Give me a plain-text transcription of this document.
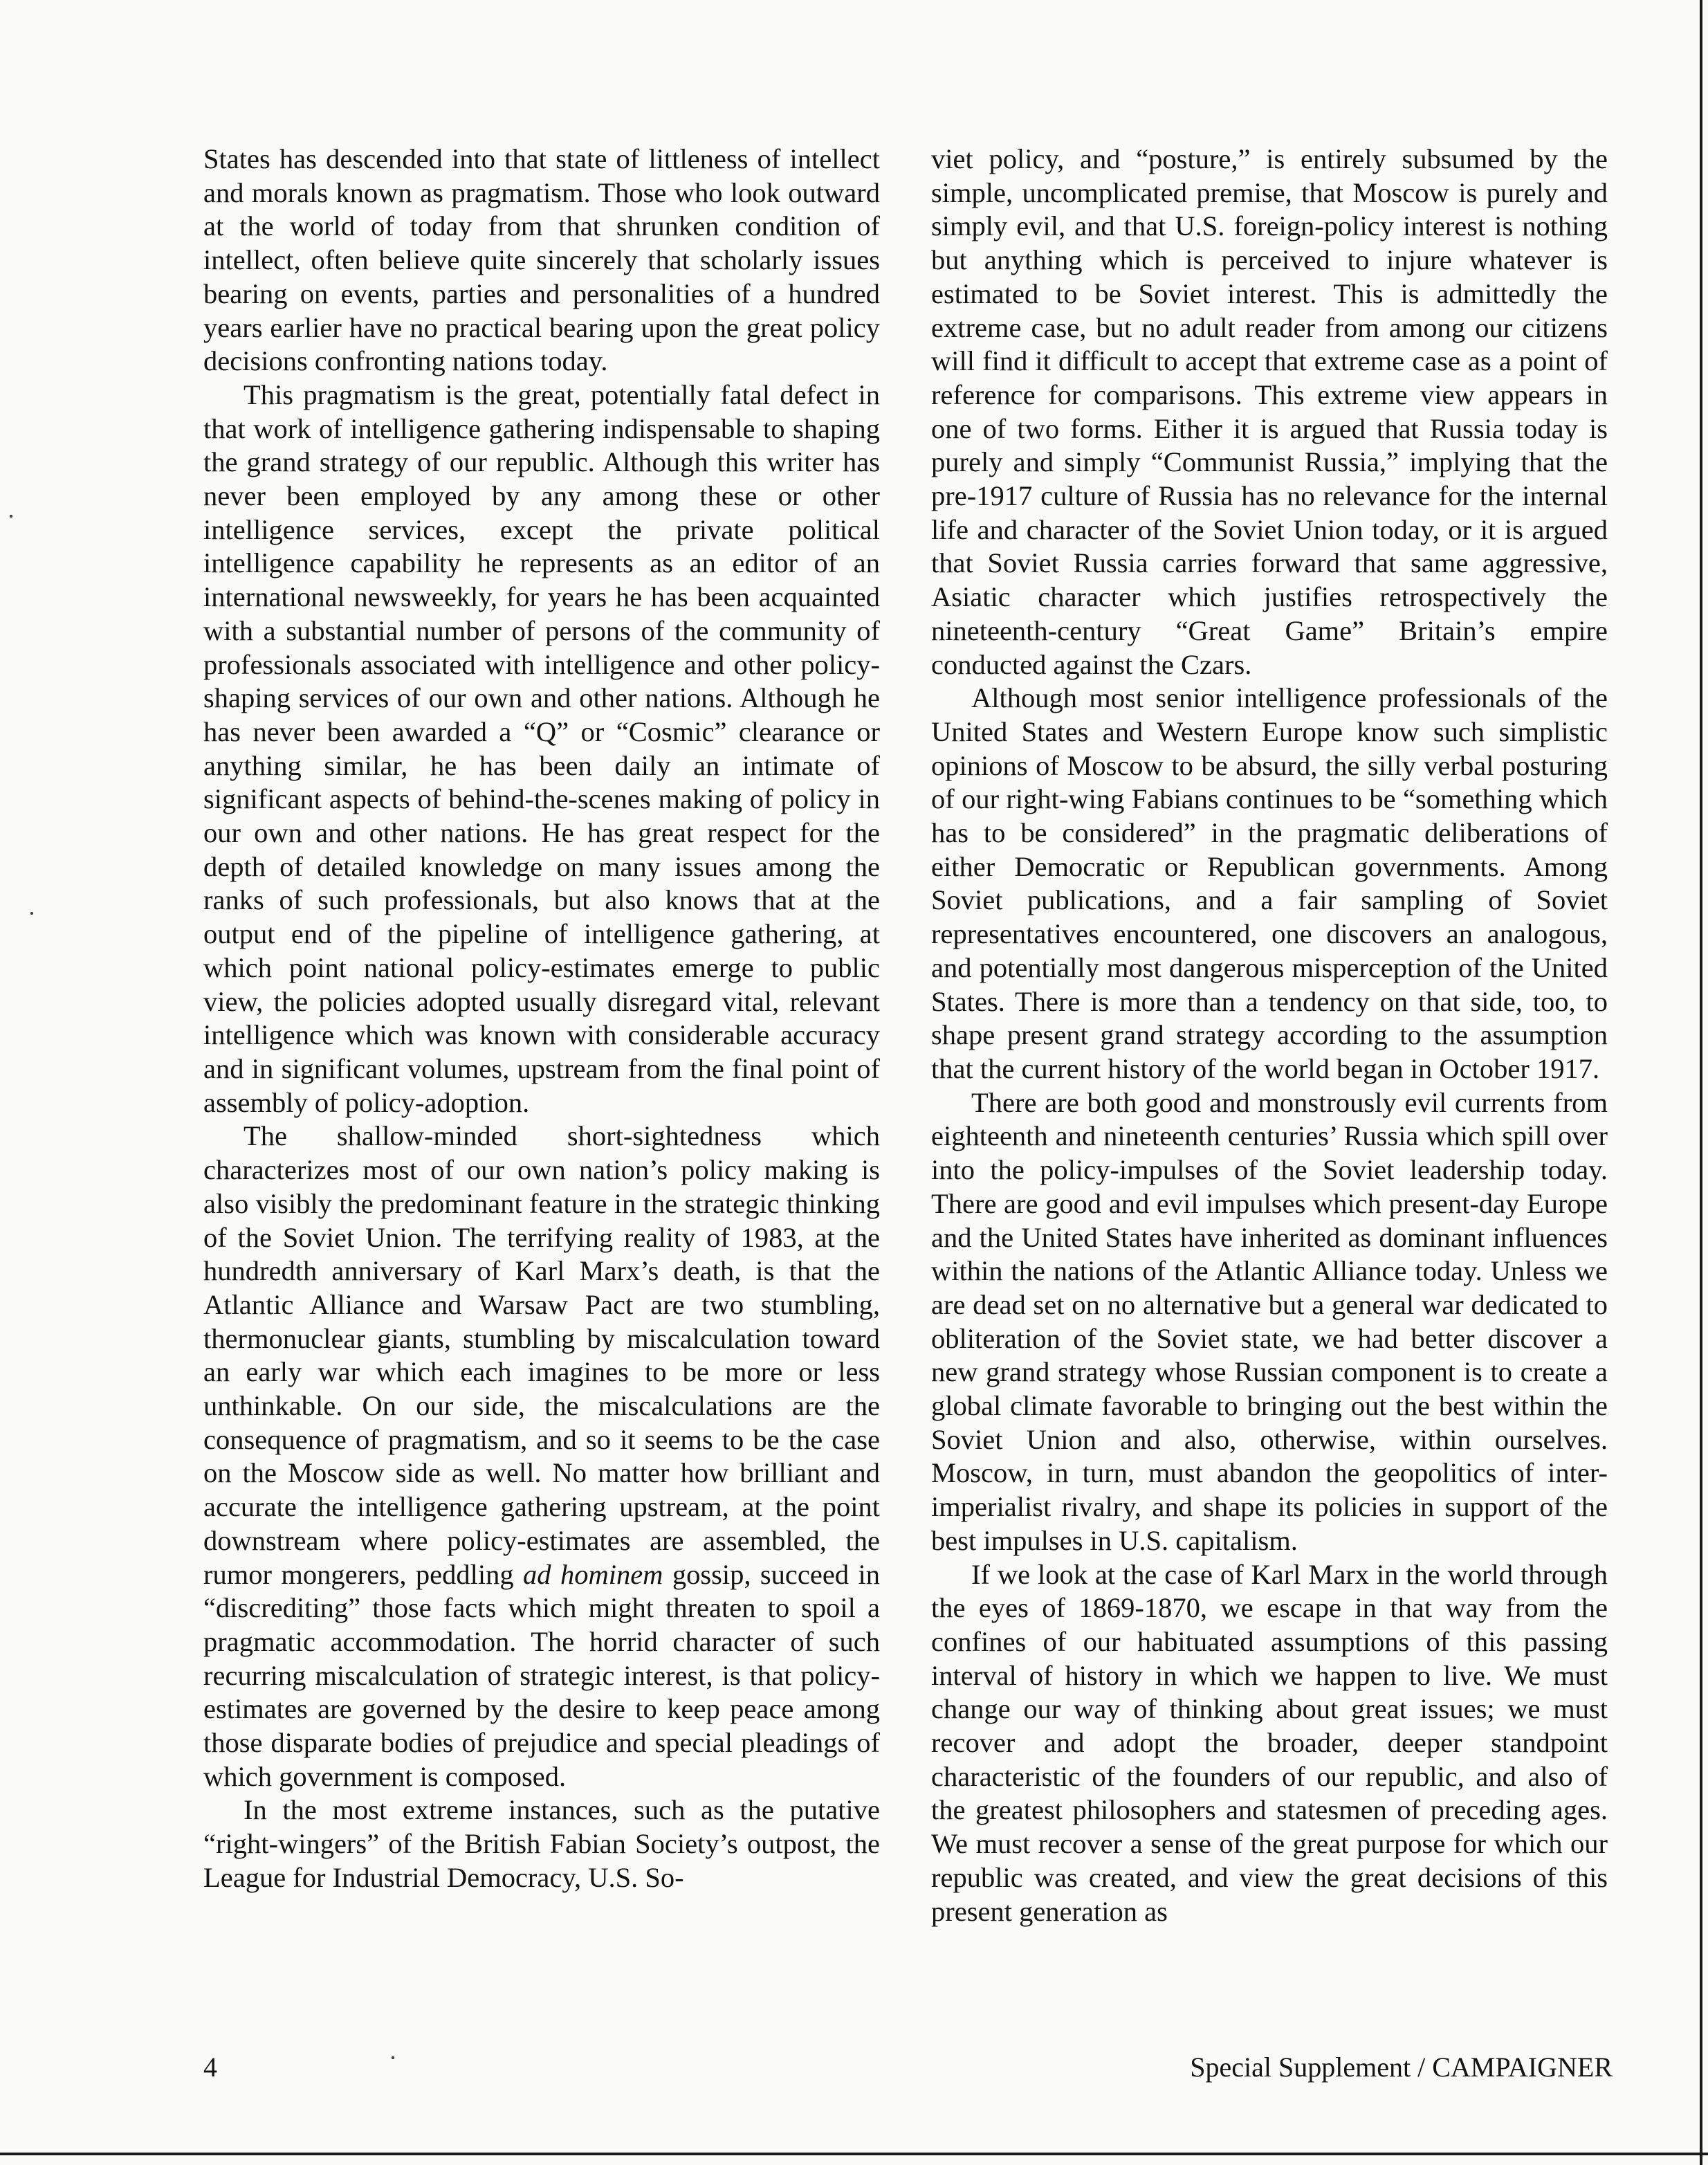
States has descended into that state of littleness of intellect and morals known as pragmatism. Those who look outward at the world of today from that shrunken condition of intellect, often believe quite sincerely that scholarly issues bearing on events, parties and personalities of a hundred years earlier have no practical bearing upon the great policy decisions confronting nations today.

This pragmatism is the great, potentially fatal defect in that work of intelligence gathering indispensable to shaping the grand strategy of our republic. Although this writer has never been employed by any among these or other intelligence services, except the private political intelligence capability he represents as an editor of an international newsweekly, for years he has been acquainted with a substantial number of persons of the community of professionals associated with intelligence and other policy-shaping services of our own and other nations. Although he has never been awarded a “Q” or “Cosmic” clearance or anything similar, he has been daily an intimate of significant aspects of behind-the-scenes making of policy in our own and other nations. He has great respect for the depth of detailed knowledge on many issues among the ranks of such professionals, but also knows that at the output end of the pipeline of intelligence gathering, at which point national policy-estimates emerge to public view, the policies adopted usually disregard vital, relevant intelligence which was known with considerable accuracy and in significant volumes, upstream from the final point of assembly of policy-adoption.

The shallow-minded short-sightedness which characterizes most of our own nation’s policy making is also visibly the predominant feature in the strategic thinking of the Soviet Union. The terrifying reality of 1983, at the hundredth anniversary of Karl Marx’s death, is that the Atlantic Alliance and Warsaw Pact are two stumbling, thermonuclear giants, stumbling by miscalculation toward an early war which each imagines to be more or less unthinkable. On our side, the miscalculations are the consequence of pragmatism, and so it seems to be the case on the Moscow side as well. No matter how brilliant and accurate the intelligence gathering upstream, at the point downstream where policy-estimates are assembled, the rumor mongerers, peddling ad hominem gossip, succeed in “discrediting” those facts which might threaten to spoil a pragmatic accommodation. The horrid character of such recurring miscalculation of strategic interest, is that policy-estimates are governed by the desire to keep peace among those disparate bodies of prejudice and special pleadings of which government is composed.

In the most extreme instances, such as the putative “right-wingers” of the British Fabian Society’s outpost, the League for Industrial Democracy, U.S. So-

viet policy, and “posture,” is entirely subsumed by the simple, uncomplicated premise, that Moscow is purely and simply evil, and that U.S. foreign-policy interest is nothing but anything which is perceived to injure whatever is estimated to be Soviet interest. This is admittedly the extreme case, but no adult reader from among our citizens will find it difficult to accept that extreme case as a point of reference for comparisons. This extreme view appears in one of two forms. Either it is argued that Russia today is purely and simply “Communist Russia,” implying that the pre-1917 culture of Russia has no relevance for the internal life and character of the Soviet Union today, or it is argued that Soviet Russia carries forward that same aggressive, Asiatic character which justifies retrospectively the nineteenth-century “Great Game” Britain’s empire conducted against the Czars.

Although most senior intelligence professionals of the United States and Western Europe know such simplistic opinions of Moscow to be absurd, the silly verbal posturing of our right-wing Fabians continues to be “something which has to be considered” in the pragmatic deliberations of either Democratic or Republican governments. Among Soviet publications, and a fair sampling of Soviet representatives encountered, one discovers an analogous, and potentially most dangerous misperception of the United States. There is more than a tendency on that side, too, to shape present grand strategy according to the assumption that the current history of the world began in October 1917.

There are both good and monstrously evil currents from eighteenth and nineteenth centuries’ Russia which spill over into the policy-impulses of the Soviet leadership today. There are good and evil impulses which present-day Europe and the United States have inherited as dominant influences within the nations of the Atlantic Alliance today. Unless we are dead set on no alternative but a general war dedicated to obliteration of the Soviet state, we had better discover a new grand strategy whose Russian component is to create a global climate favorable to bringing out the best within the Soviet Union and also, otherwise, within ourselves. Moscow, in turn, must abandon the geopolitics of inter-imperialist rivalry, and shape its policies in support of the best impulses in U.S. capitalism.

If we look at the case of Karl Marx in the world through the eyes of 1869-1870, we escape in that way from the confines of our habituated assumptions of this passing interval of history in which we happen to live. We must change our way of thinking about great issues; we must recover and adopt the broader, deeper standpoint characteristic of the founders of our republic, and also of the greatest philosophers and statesmen of preceding ages. We must recover a sense of the great purpose for which our republic was created, and view the great decisions of this present generation as

4	Special Supplement / CAMPAIGNER
